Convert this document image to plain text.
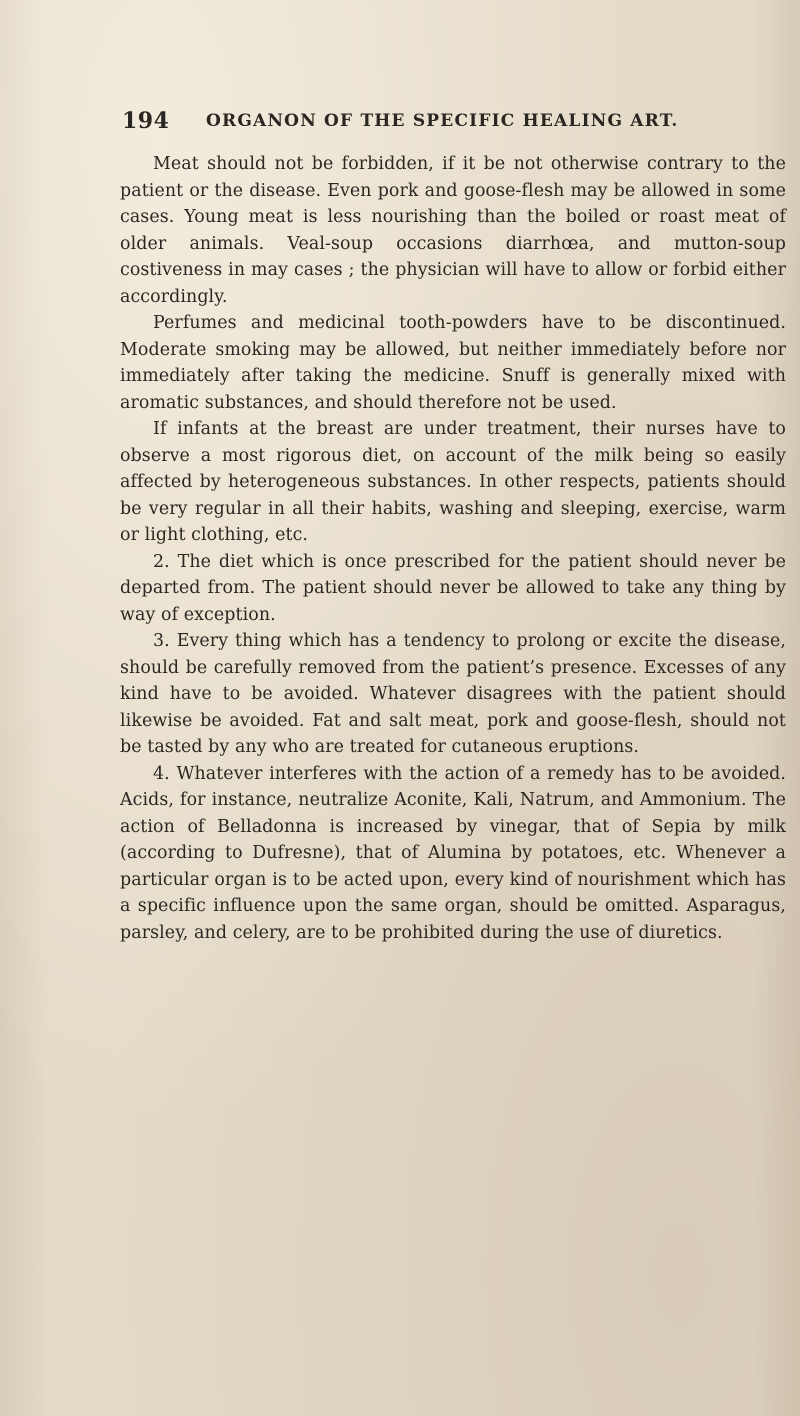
194 ORGANON OF THE SPECIFIC HEALING ART.

Meat should not be forbidden, if it be not otherwise contrary to the patient or the disease. Even pork and goose-flesh may be allowed in some cases. Young meat is less nourishing than the boiled or roast meat of older animals. Veal-soup occasions diarrhœa, and mutton-soup costiveness in may cases ; the physician will have to allow or forbid either accordingly.

Perfumes and medicinal tooth-powders have to be discontinued. Moderate smoking may be allowed, but neither immediately before nor immediately after taking the medicine. Snuff is generally mixed with aromatic substances, and should therefore not be used.

If infants at the breast are under treatment, their nurses have to observe a most rigorous diet, on account of the milk being so easily affected by heterogeneous substances. In other respects, patients should be very regular in all their habits, washing and sleeping, exercise, warm or light clothing, etc.

2. The diet which is once prescribed for the patient should never be departed from. The patient should never be allowed to take any thing by way of exception.

3. Every thing which has a tendency to prolong or excite the disease, should be carefully removed from the patient’s presence. Excesses of any kind have to be avoided. Whatever disagrees with the patient should likewise be avoided. Fat and salt meat, pork and goose-flesh, should not be tasted by any who are treated for cutaneous eruptions.

4. Whatever interferes with the action of a remedy has to be avoided. Acids, for instance, neutralize Aconite, Kali, Natrum, and Ammonium. The action of Belladonna is increased by vinegar, that of Sepia by milk (according to Dufresne), that of Alumina by potatoes, etc. Whenever a particular organ is to be acted upon, every kind of nourishment which has a specific influence upon the same organ, should be omitted. Asparagus, parsley, and celery, are to be prohibited during the use of diuretics.
